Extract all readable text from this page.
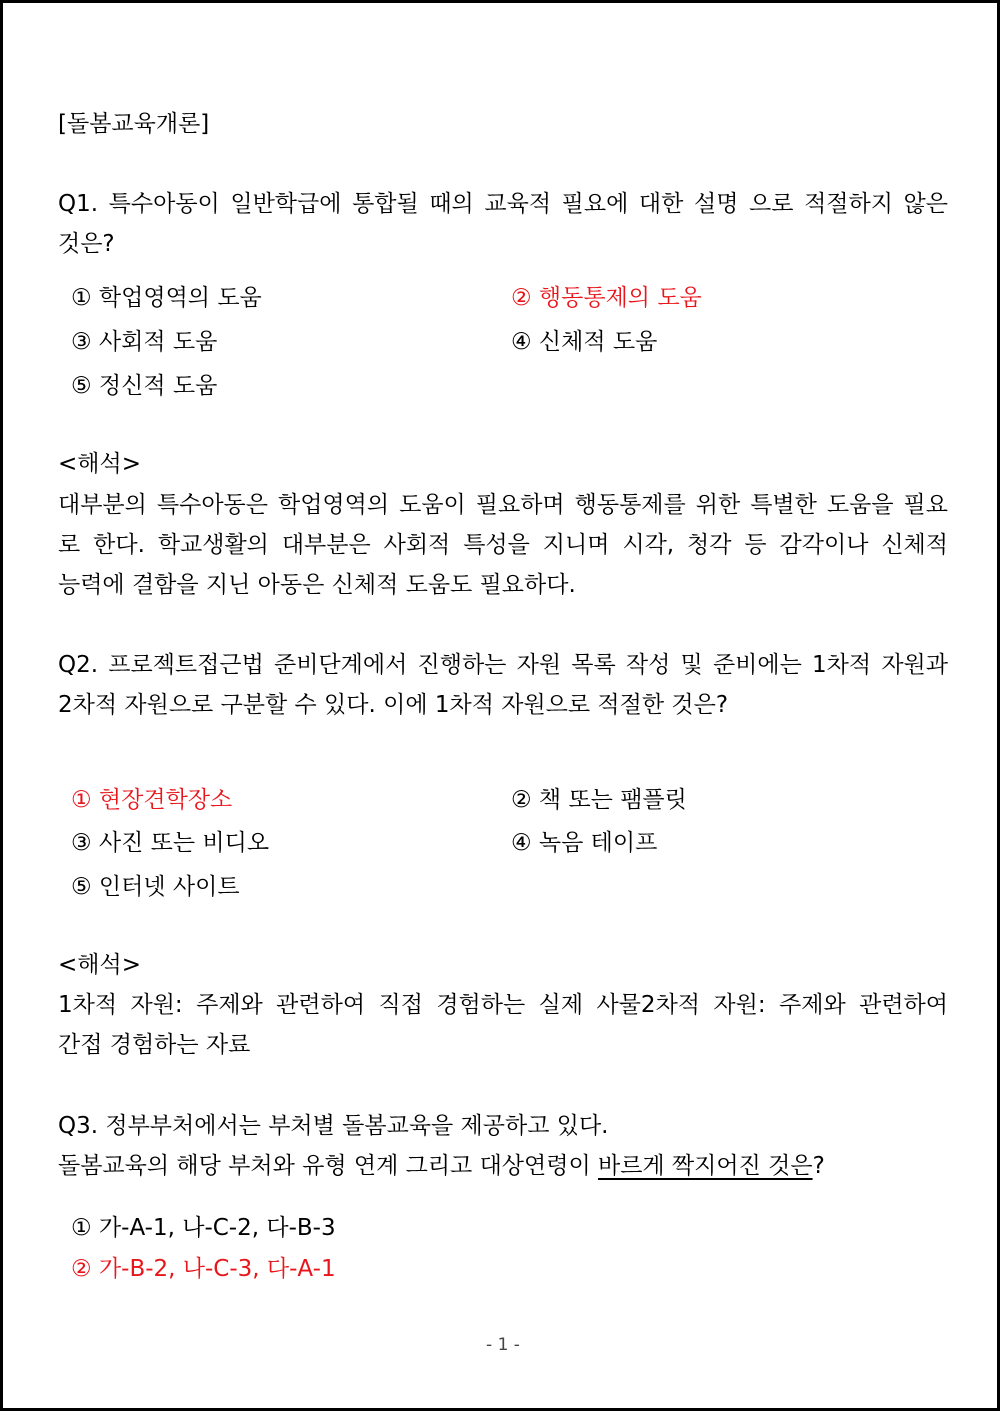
[돌봄교육개론]
Q1. 특수아동이 일반학급에 통합될 때의 교육적 필요에 대한 설명 으로 적절하지 않은
것은?
① 학업영역의 도움	② 행동통제의 도움
③ 사회적 도움	④ 신체적 도움
⑤ 정신적 도움
<해석>
대부분의 특수아동은 학업영역의 도움이 필요하며 행동통제를 위한 특별한 도움을 필요
로 한다. 학교생활의 대부분은 사회적 특성을 지니며 시각, 청각 등 감각이나 신체적
능력에 결함을 지닌 아동은 신체적 도움도 필요하다.
Q2. 프로젝트접근법 준비단계에서 진행하는 자원 목록 작성 및 준비에는 1차적 자원과
2차적 자원으로 구분할 수 있다. 이에 1차적 자원으로 적절한 것은?
① 현장견학장소	② 책 또는 팸플릿
③ 사진 또는 비디오	④ 녹음 테이프
⑤ 인터넷 사이트
<해석>
1차적 자원: 주제와 관련하여 직접 경험하는 실제 사물2차적 자원: 주제와 관련하여
간접 경험하는 자료
Q3. 정부부처에서는 부처별 돌봄교육을 제공하고 있다.
돌봄교육의 해당 부처와 유형 연계 그리고 대상연령이 바르게 짝지어진 것은?
① 가-A-1, 나-C-2, 다-B-3
② 가-B-2, 나-C-3, 다-A-1
- 1 -
